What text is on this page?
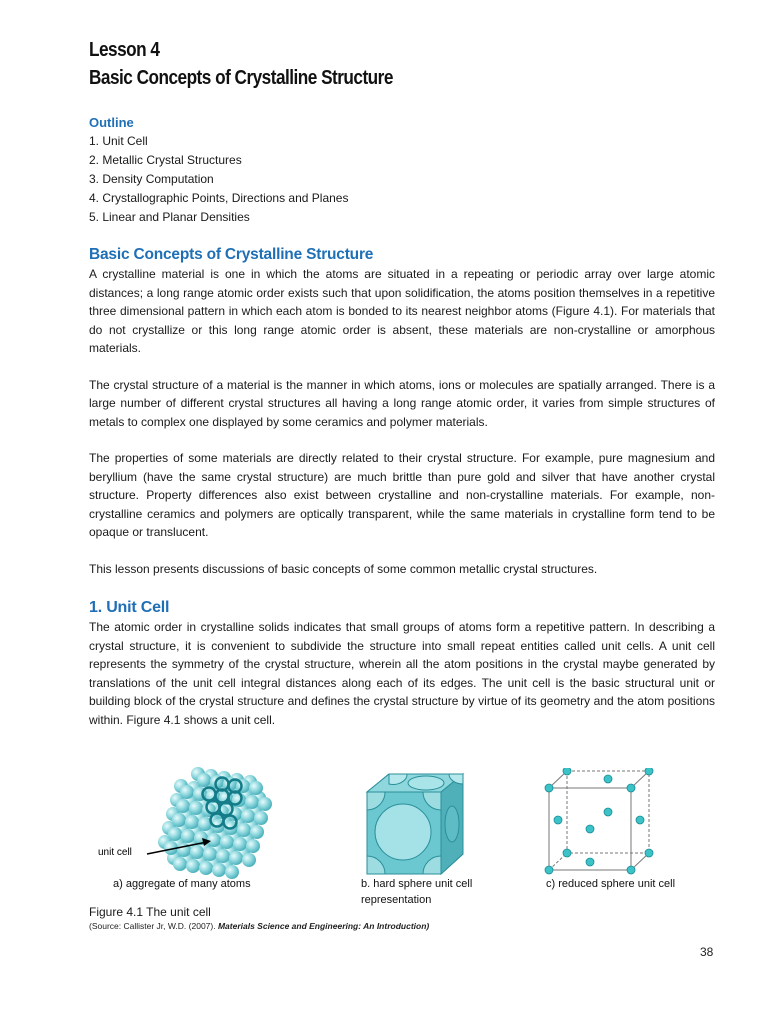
Lesson 4
Basic Concepts of Crystalline Structure
Outline
1. Unit Cell
2. Metallic Crystal Structures
3. Density Computation
4. Crystallographic Points, Directions and Planes
5. Linear and Planar Densities
Basic Concepts of Crystalline Structure

A crystalline material is one in which the atoms are situated in a repeating or periodic array over large atomic distances; a long range atomic order exists such that upon solidification, the atoms position themselves in a repetitive three dimensional pattern in which each atom is bonded to its nearest neighbor atoms (Figure 4.1). For materials that do not crystallize or this long range atomic order is absent, these materials are non-crystalline or amorphous materials.

The crystal structure of a material is the manner in which atoms, ions or molecules are spatially arranged. There is a large number of different crystal structures all having a long range atomic order, it varies from simple structures of metals to complex one displayed by some ceramics and polymer materials.

The properties of some materials are directly related to their crystal structure. For example, pure magnesium and beryllium (have the same crystal structure) are much brittle than pure gold and silver that have another crystal structure. Property differences also exist between crystalline and non-crystalline materials. For example, non-crystalline ceramics and polymers are optically transparent, while the same materials in crystalline form tend to be opaque or translucent.

This lesson presents discussions of basic concepts of some common metallic crystal structures.

1. Unit Cell

The atomic order in crystalline solids indicates that small groups of atoms form a repetitive pattern. In describing a crystal structure, it is convenient to subdivide the structure into small repeat entities called unit cells. A unit cell represents the symmetry of the crystal structure, wherein all the atom positions in the crystal maybe generated by translations of the unit cell integral distances along each of its edges. The unit cell is the basic structural unit or building block of the crystal structure and defines the crystal structure by virtue of its geometry and the atom positions within. Figure 4.1 shows a unit cell.

unit cell
a) aggregate of many atoms	b. hard sphere unit cell representation
c) reduced sphere unit cell
Figure 4.1 The unit cell
(Source: Callister Jr, W.D. (2007). Materials Science and Engineering: An Introduction)
38
